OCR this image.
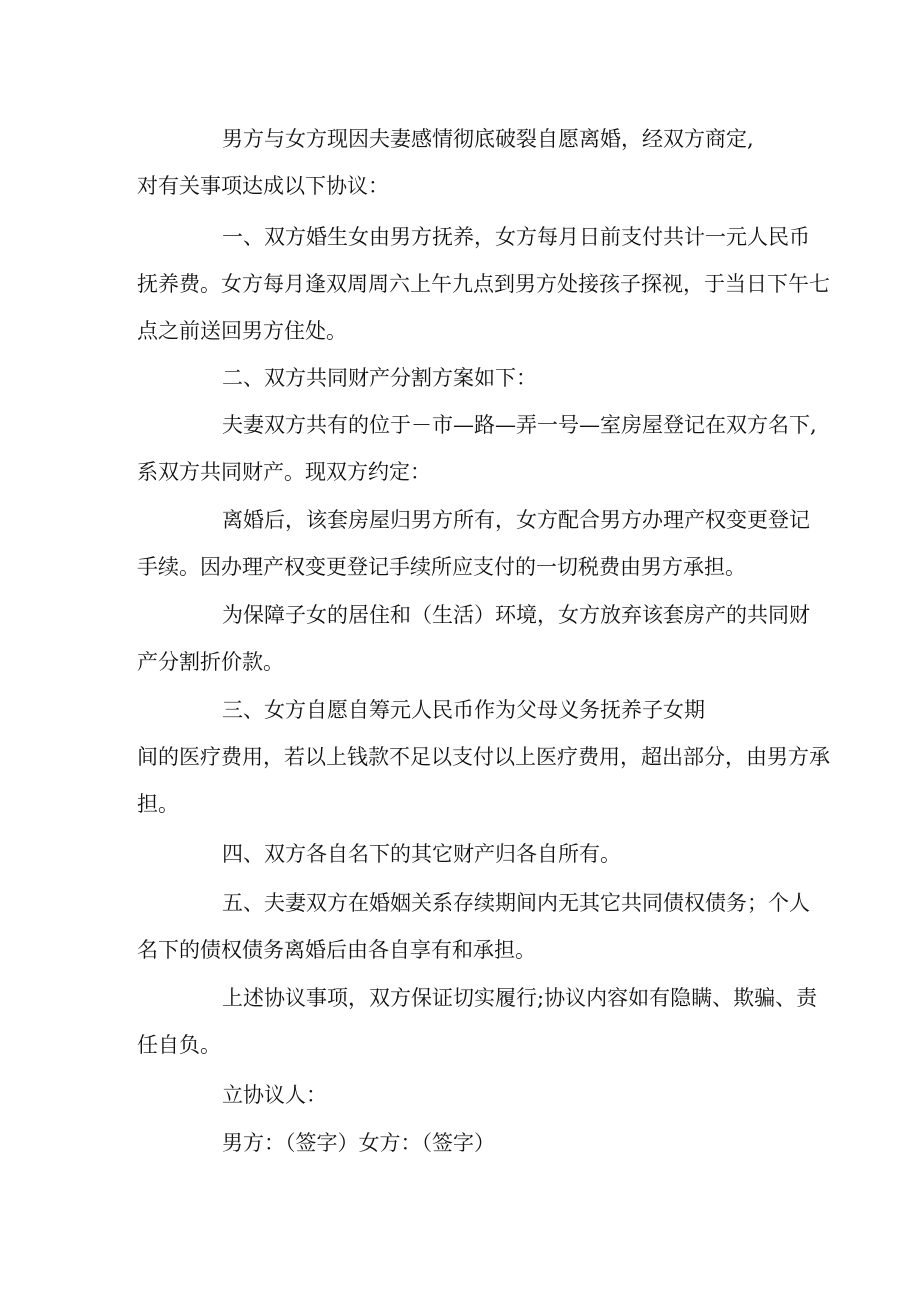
男方与女方现因夫妻感情彻底破裂自愿离婚，经双方商定,
对有关事项达成以下协议：
一、双方婚生女由男方抚养，女方每月日前支付共计一元人民币
抚养费。女方每月逢双周周六上午九点到男方处接孩子探视，于当日下午七
点之前送回男方住处。
二、双方共同财产分割方案如下：
夫妻双方共有的位于－市—路—弄一号—室房屋登记在双方名下,
系双方共同财产。现双方约定：
离婚后，该套房屋归男方所有，女方配合男方办理产权变更登记
手续。因办理产权变更登记手续所应支付的一切税费由男方承担。
为保障子女的居住和（生活）环境，女方放弃该套房产的共同财
产分割折价款。
三、女方自愿自筹元人民币作为父母义务抚养子女期
间的医疗费用，若以上钱款不足以支付以上医疗费用，超出部分，由男方承
担。
四、双方各自名下的其它财产归各自所有。
五、夫妻双方在婚姻关系存续期间内无其它共同债权债务；个人
名下的债权债务离婚后由各自享有和承担。
上述协议事项，双方保证切实履行;协议内容如有隐瞒、欺骗、责
任自负。
立协议人：
男方：（签字）女方：（签字）
